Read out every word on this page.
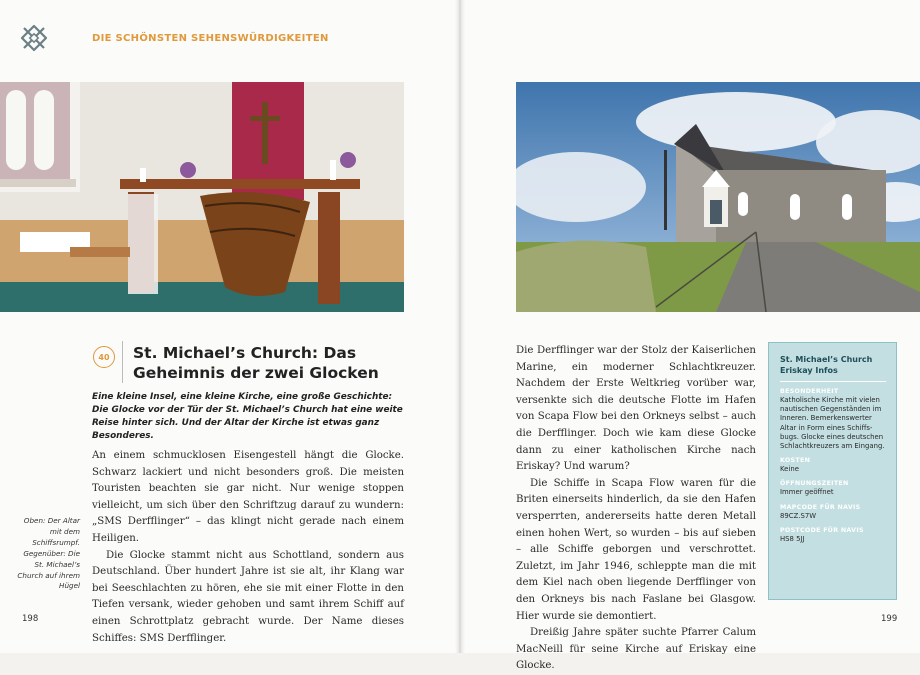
DIE SCHÖNSTEN SEHENSWÜRDIGKEITEN
40	St. Michael’s Church: Das
Geheimnis der zwei Glocken

Eine kleine Insel, eine kleine Kirche, eine große Geschichte: Die Glocke vor der Tür der St. Michael’s Church hat eine weite Reise hinter sich. Und der Altar der Kirche ist etwas ganz Besonderes.

An einem schmucklosen Eisengestell hängt die Glocke. Schwarz lackiert und nicht besonders groß. Die meisten Touristen beachten sie gar nicht. Nur wenige stoppen vielleicht, um sich über den Schriftzug darauf zu wundern: „SMS Derfflinger“ – das klingt nicht gerade nach einem Heiligen.

Die Glocke stammt nicht aus Schottland, sondern aus Deutschland. Über hundert Jahre ist sie alt, ihr Klang war bei Seeschlachten zu hören, ehe sie mit einer Flotte in den Tiefen versank, wieder gehoben und samt ihrem Schiff auf einen Schrottplatz gebracht wurde. Der Name dieses Schiffes: SMS Derfflinger.

Oben: Der Altar mit dem Schiffsrumpf. Gegenüber: Die St. Michael’s Church auf ihrem Hügel

Die Derfflinger war der Stolz der Kaiserlichen Marine, ein moderner Schlachtkreuzer. Nachdem der Erste Weltkrieg vorüber war, versenkte sich die deutsche Flotte im Hafen von Scapa Flow bei den Orkneys selbst – auch die Derfflinger. Doch wie kam diese Glocke dann zu einer katholischen Kirche nach Eriskay? Und warum?

Die Schiffe in Scapa Flow waren für die Briten einerseits hinderlich, da sie den Hafen versperrten, andererseits hatte deren Metall einen hohen Wert, so wurden – bis auf sieben – alle Schiffe geborgen und verschrottet. Zuletzt, im Jahr 1946, schleppte man die mit dem Kiel nach oben liegende Derfflinger von den Orkneys bis nach Faslane bei Glasgow. Hier wurde sie demontiert.

Dreißig Jahre später suchte Pfarrer Calum MacNeill für seine Kirche auf Eriskay eine Glocke.

St. Michael’s Church Eriskay Infos
BESONDERHEIT
Katholische Kirche mit vielen nautischen Gegenständen im Inneren. Bemerkenswerter Altar in Form eines Schiffsbugs. Glocke eines deutschen Schlachtkreuzers am Eingang.
KOSTEN
Keine
ÖFFNUNGSZEITEN
Immer geöffnet
MAPCODE FÜR NAVIS
89CZ.S7W
POSTCODE FÜR NAVIS
HS8 5JJ
198	199
